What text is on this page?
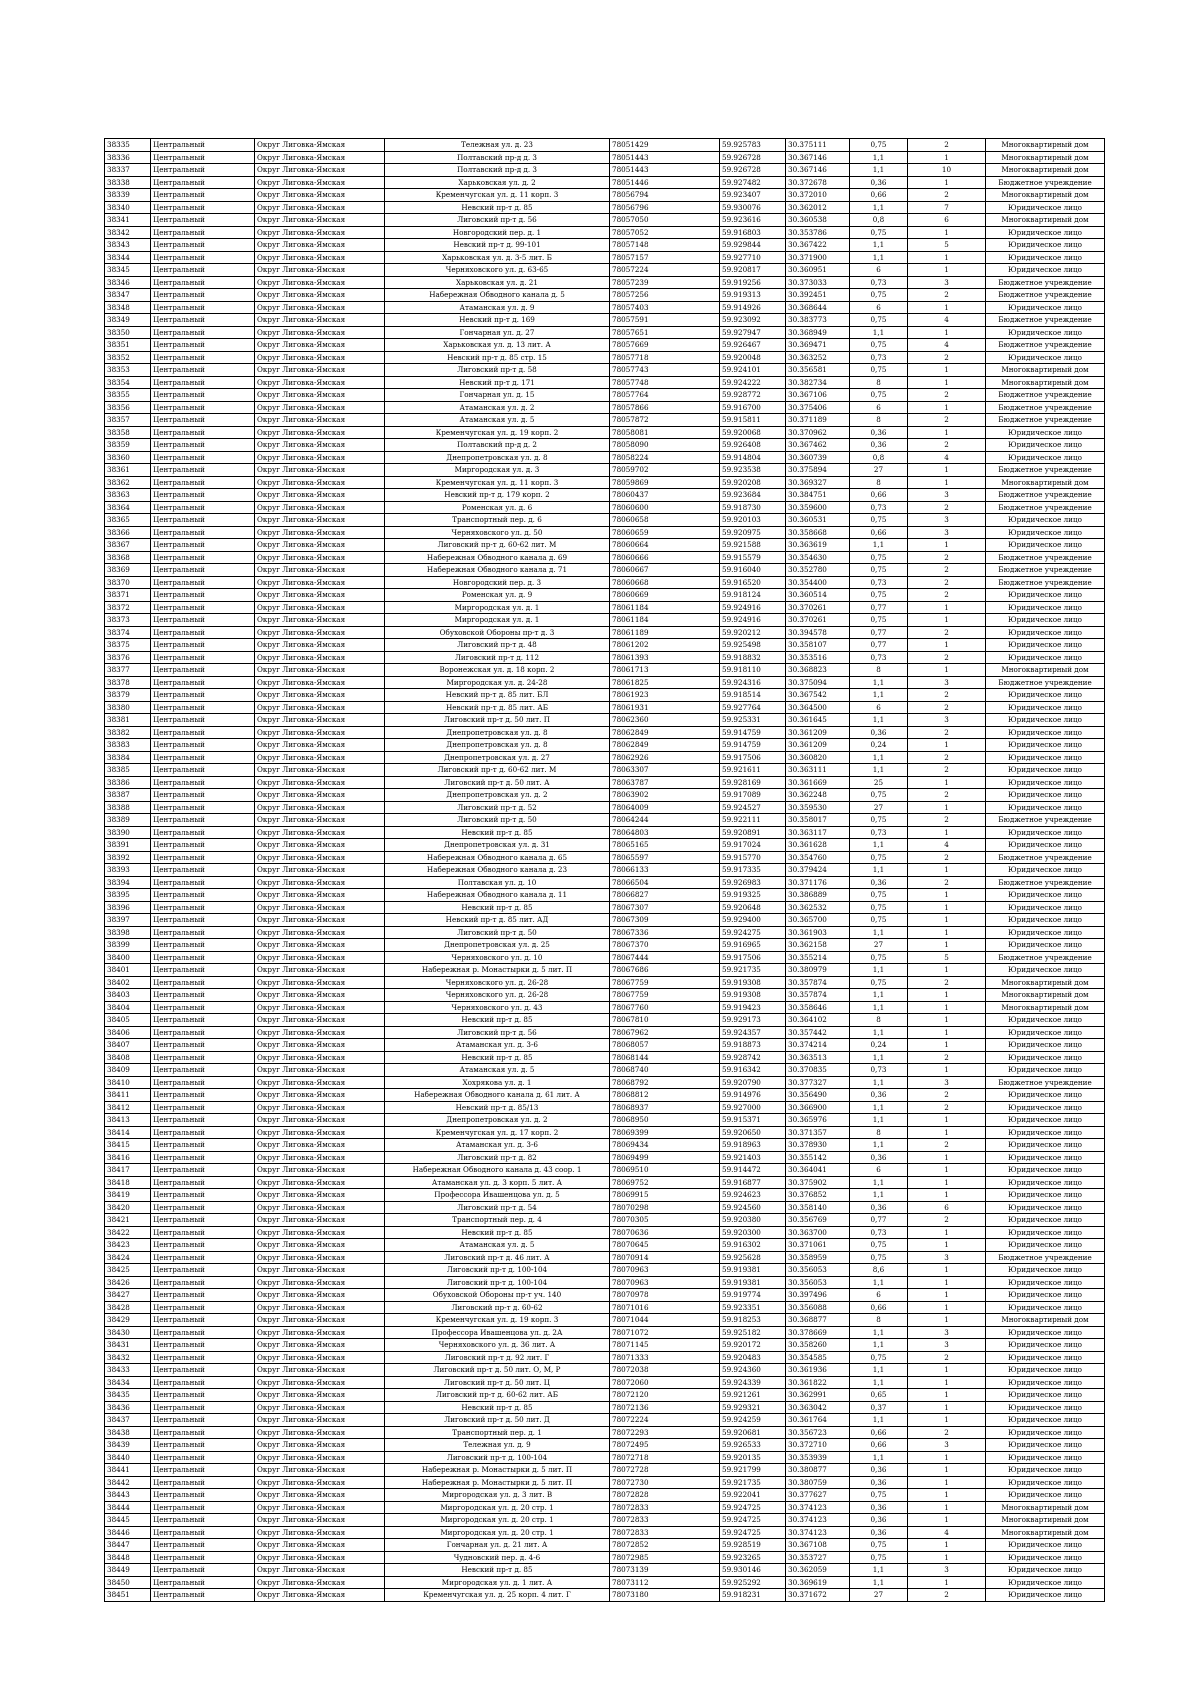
38335	Центральный	Округ Лиговка-Ямская	Тележная ул. д. 23	78051429	59.925783	30.375111	0,75	2	Многоквартирный дом
38336	Центральный	Округ Лиговка-Ямская	Полтавский пр-д д. 3	78051443	59.926728	30.367146	1,1	1	Многоквартирный дом
38337	Центральный	Округ Лиговка-Ямская	Полтавский пр-д д. 3	78051443	59.926728	30.367146	1,1	10	Многоквартирный дом
38338	Центральный	Округ Лиговка-Ямская	Харьковская ул. д. 2	78051446	59.927482	30.372678	0,36	1	Бюджетное учреждение
38339	Центральный	Округ Лиговка-Ямская	Кременчугская ул. д. 11 корп. 3	78056794	59.923407	30.372010	0,66	2	Многоквартирный дом
38340	Центральный	Округ Лиговка-Ямская	Невский пр-т д. 85	78056796	59.930076	30.362012	1,1	7	Юридическое лицо
38341	Центральный	Округ Лиговка-Ямская	Лиговский пр-т д. 56	78057050	59.923616	30.360538	0,8	6	Многоквартирный дом
38342	Центральный	Округ Лиговка-Ямская	Новгородский пер. д. 1	78057052	59.916803	30.353786	0,75	1	Юридическое лицо
38343	Центральный	Округ Лиговка-Ямская	Невский пр-т д. 99-101	78057148	59.929844	30.367422	1,1	5	Юридическое лицо
38344	Центральный	Округ Лиговка-Ямская	Харьковская ул. д. 3-5 лит. Б	78057157	59.927710	30.371900	1,1	1	Юридическое лицо
38345	Центральный	Округ Лиговка-Ямская	Черняховского ул. д. 63-65	78057224	59.920817	30.360951	6	1	Юридическое лицо
38346	Центральный	Округ Лиговка-Ямская	Харьковская ул. д. 21	78057239	59.919256	30.373033	0,73	3	Бюджетное учреждение
38347	Центральный	Округ Лиговка-Ямская	Набережная Обводного канала д. 5	78057256	59.919313	30.392451	0,75	2	Бюджетное учреждение
38348	Центральный	Округ Лиговка-Ямская	Атаманская ул. д. 9	78057403	59.914926	30.368644	6	1	Юридическое лицо
38349	Центральный	Округ Лиговка-Ямская	Невский пр-т д. 169	78057591	59.923092	30.383773	0,75	4	Бюджетное учреждение
38350	Центральный	Округ Лиговка-Ямская	Гончарная ул. д. 27	78057651	59.927947	30.368949	1,1	1	Юридическое лицо
38351	Центральный	Округ Лиговка-Ямская	Харьковская ул. д. 13 лит. А	78057669	59.926467	30.369471	0,75	4	Бюджетное учреждение
38352	Центральный	Округ Лиговка-Ямская	Невский пр-т д. 85 стр. 15	78057718	59.920048	30.363252	0,73	2	Юридическое лицо
38353	Центральный	Округ Лиговка-Ямская	Лиговский пр-т д. 58	78057743	59.924101	30.356581	0,75	1	Многоквартирный дом
38354	Центральный	Округ Лиговка-Ямская	Невский пр-т д. 171	78057748	59.924222	30.382734	8	1	Многоквартирный дом
38355	Центральный	Округ Лиговка-Ямская	Гончарная ул. д. 15	78057764	59.928772	30.367106	0,75	2	Бюджетное учреждение
38356	Центральный	Округ Лиговка-Ямская	Атаманская ул. д. 2	78057866	59.916700	30.375406	6	1	Бюджетное учреждение
38357	Центральный	Округ Лиговка-Ямская	Атаманская ул. д. 5	78057872	59.915811	30.371189	8	2	Бюджетное учреждение
38358	Центральный	Округ Лиговка-Ямская	Кременчугская ул. д. 19 корп. 2	78058081	59.920068	30.370962	0,36	1	Юридическое лицо
38359	Центральный	Округ Лиговка-Ямская	Полтавский пр-д д. 2	78058090	59.926408	30.367462	0,36	2	Юридическое лицо
38360	Центральный	Округ Лиговка-Ямская	Днепропетровская ул. д. 8	78058224	59.914804	30.360739	0,8	4	Юридическое лицо
38361	Центральный	Округ Лиговка-Ямская	Миргородская ул. д. 3	78059702	59.923538	30.375894	27	1	Бюджетное учреждение
38362	Центральный	Округ Лиговка-Ямская	Кременчугская ул. д. 11 корп. 3	78059869	59.920208	30.369327	8	1	Многоквартирный дом
38363	Центральный	Округ Лиговка-Ямская	Невский пр-т д. 179 корп. 2	78060437	59.923684	30.384751	0,66	3	Бюджетное учреждение
38364	Центральный	Округ Лиговка-Ямская	Роменская ул. д. 6	78060600	59.918730	30.359600	0,73	2	Бюджетное учреждение
38365	Центральный	Округ Лиговка-Ямская	Транспортный пер. д. 6	78060658	59.920103	30.360531	0,75	3	Юридическое лицо
38366	Центральный	Округ Лиговка-Ямская	Черняховского ул. д. 50	78060659	59.920975	30.358668	0,66	3	Юридическое лицо
38367	Центральный	Округ Лиговка-Ямская	Лиговский пр-т д. 60-62 лит. М	78060664	59.921588	30.363619	1,1	1	Юридическое лицо
38368	Центральный	Округ Лиговка-Ямская	Набережная Обводного канала д. 69	78060666	59.915579	30.354630	0,75	2	Бюджетное учреждение
38369	Центральный	Округ Лиговка-Ямская	Набережная Обводного канала д. 71	78060667	59.916040	30.352780	0,75	2	Бюджетное учреждение
38370	Центральный	Округ Лиговка-Ямская	Новгородский пер. д. 3	78060668	59.916520	30.354400	0,73	2	Бюджетное учреждение
38371	Центральный	Округ Лиговка-Ямская	Роменская ул. д. 9	78060669	59.918124	30.360514	0,75	2	Юридическое лицо
38372	Центральный	Округ Лиговка-Ямская	Миргородская ул. д. 1	78061184	59.924916	30.370261	0,77	1	Юридическое лицо
38373	Центральный	Округ Лиговка-Ямская	Миргородская ул. д. 1	78061184	59.924916	30.370261	0,75	1	Юридическое лицо
38374	Центральный	Округ Лиговка-Ямская	Обуховской Обороны пр-т д. 3	78061189	59.920212	30.394578	0,77	2	Юридическое лицо
38375	Центральный	Округ Лиговка-Ямская	Лиговский пр-т д. 48	78061202	59.925498	30.358107	0,77	1	Юридическое лицо
38376	Центральный	Округ Лиговка-Ямская	Лиговский пр-т д. 112	78061393	59.918832	30.353516	0,73	2	Юридическое лицо
38377	Центральный	Округ Лиговка-Ямская	Воронежская ул. д. 18 корп. 2	78061713	59.918110	30.368823	8	1	Многоквартирный дом
38378	Центральный	Округ Лиговка-Ямская	Миргородская ул. д. 24-28	78061825	59.924316	30.375094	1,1	3	Бюджетное учреждение
38379	Центральный	Округ Лиговка-Ямская	Невский пр-т д. 85 лит. БЛ	78061923	59.918514	30.367542	1,1	2	Юридическое лицо
38380	Центральный	Округ Лиговка-Ямская	Невский пр-т д. 85 лит. АБ	78061931	59.927764	30.364500	6	2	Юридическое лицо
38381	Центральный	Округ Лиговка-Ямская	Лиговский пр-т д. 50 лит. П	78062360	59.925331	30.361645	1,1	3	Юридическое лицо
38382	Центральный	Округ Лиговка-Ямская	Днепропетровская ул. д. 8	78062849	59.914759	30.361209	0,36	2	Юридическое лицо
38383	Центральный	Округ Лиговка-Ямская	Днепропетровская ул. д. 8	78062849	59.914759	30.361209	0,24	1	Юридическое лицо
38384	Центральный	Округ Лиговка-Ямская	Днепропетровская ул. д. 27	78062926	59.917506	30.360820	1,1	2	Юридическое лицо
38385	Центральный	Округ Лиговка-Ямская	Лиговский пр-т д. 60-62 лит. М	78063307	59.921611	30.363111	1,1	2	Юридическое лицо
38386	Центральный	Округ Лиговка-Ямская	Лиговский пр-т д. 50 лит. А	78063787	59.928169	30.361669	25	1	Юридическое лицо
38387	Центральный	Округ Лиговка-Ямская	Днепропетровская ул. д. 2	78063902	59.917089	30.362248	0,75	2	Юридическое лицо
38388	Центральный	Округ Лиговка-Ямская	Лиговский пр-т д. 52	78064009	59.924527	30.359530	27	1	Юридическое лицо
38389	Центральный	Округ Лиговка-Ямская	Лиговский пр-т д. 50	78064244	59.922111	30.358017	0,75	2	Бюджетное учреждение
38390	Центральный	Округ Лиговка-Ямская	Невский пр-т д. 85	78064803	59.920891	30.363117	0,73	1	Юридическое лицо
38391	Центральный	Округ Лиговка-Ямская	Днепропетровская ул. д. 31	78065165	59.917024	30.361628	1,1	4	Юридическое лицо
38392	Центральный	Округ Лиговка-Ямская	Набережная Обводного канала д. 65	78065597	59.915770	30.354760	0,75	2	Бюджетное учреждение
38393	Центральный	Округ Лиговка-Ямская	Набережная Обводного канала д. 23	78066133	59.917335	30.379424	1,1	1	Юридическое лицо
38394	Центральный	Округ Лиговка-Ямская	Полтавская ул. д. 10	78066504	59.926983	30.371176	0,36	2	Бюджетное учреждение
38395	Центральный	Округ Лиговка-Ямская	Набережная Обводного канала д. 11	78066827	59.919325	30.386889	0,75	1	Юридическое лицо
38396	Центральный	Округ Лиговка-Ямская	Невский пр-т д. 85	78067307	59.920648	30.362532	0,75	1	Юридическое лицо
38397	Центральный	Округ Лиговка-Ямская	Невский пр-т д. 85 лит. АД	78067309	59.929400	30.365700	0,75	1	Юридическое лицо
38398	Центральный	Округ Лиговка-Ямская	Лиговский пр-т д. 50	78067336	59.924275	30.361903	1,1	1	Юридическое лицо
38399	Центральный	Округ Лиговка-Ямская	Днепропетровская ул. д. 25	78067370	59.916965	30.362158	27	1	Юридическое лицо
38400	Центральный	Округ Лиговка-Ямская	Черняховского ул. д. 10	78067444	59.917506	30.355214	0,75	5	Бюджетное учреждение
38401	Центральный	Округ Лиговка-Ямская	Набережная р. Монастырки д. 5 лит. П	78067686	59.921735	30.380979	1,1	1	Юридическое лицо
38402	Центральный	Округ Лиговка-Ямская	Черняховского ул. д. 26-28	78067759	59.919308	30.357874	0,75	2	Многоквартирный дом
38403	Центральный	Округ Лиговка-Ямская	Черняховского ул. д. 26-28	78067759	59.919308	30.357874	1,1	1	Многоквартирный дом
38404	Центральный	Округ Лиговка-Ямская	Черняховского ул. д. 43	78067760	59.919423	30.358646	1,1	1	Многоквартирный дом
38405	Центральный	Округ Лиговка-Ямская	Невский пр-т д. 85	78067810	59.929173	30.364102	8	1	Юридическое лицо
38406	Центральный	Округ Лиговка-Ямская	Лиговский пр-т д. 56	78067962	59.924357	30.357442	1,1	1	Юридическое лицо
38407	Центральный	Округ Лиговка-Ямская	Атаманская ул. д. 3-6	78068057	59.918873	30.374214	0,24	1	Юридическое лицо
38408	Центральный	Округ Лиговка-Ямская	Невский пр-т д. 85	78068144	59.928742	30.363513	1,1	2	Юридическое лицо
38409	Центральный	Округ Лиговка-Ямская	Атаманская ул. д. 5	78068740	59.916342	30.370835	0,73	1	Юридическое лицо
38410	Центральный	Округ Лиговка-Ямская	Хохрякова ул. д. 1	78068792	59.920790	30.377327	1,1	3	Бюджетное учреждение
38411	Центральный	Округ Лиговка-Ямская	Набережная Обводного канала д. 61 лит. А	78068812	59.914976	30.356490	0,36	2	Юридическое лицо
38412	Центральный	Округ Лиговка-Ямская	Невский пр-т д. 85/13	78068937	59.927000	30.366900	1,1	2	Юридическое лицо
38413	Центральный	Округ Лиговка-Ямская	Днепропетровская ул. д. 2	78068950	59.915371	30.365976	1,1	1	Юридическое лицо
38414	Центральный	Округ Лиговка-Ямская	Кременчугская ул. д. 17 корп. 2	78069399	59.920650	30.371357	8	1	Юридическое лицо
38415	Центральный	Округ Лиговка-Ямская	Атаманская ул. д. 3-6	78069434	59.918963	30.378930	1,1	2	Юридическое лицо
38416	Центральный	Округ Лиговка-Ямская	Лиговский пр-т д. 82	78069499	59.921403	30.355142	0,36	1	Юридическое лицо
38417	Центральный	Округ Лиговка-Ямская	Набережная Обводного канала д. 43 соор. 1	78069510	59.914472	30.364041	6	1	Юридическое лицо
38418	Центральный	Округ Лиговка-Ямская	Атаманская ул. д. 3 корп. 5 лит. А	78069752	59.916877	30.375902	1,1	1	Юридическое лицо
38419	Центральный	Округ Лиговка-Ямская	Профессора Ивашенцова ул. д. 5	78069915	59.924623	30.376852	1,1	1	Юридическое лицо
38420	Центральный	Округ Лиговка-Ямская	Лиговский пр-т д. 54	78070298	59.924560	30.358140	0,36	6	Юридическое лицо
38421	Центральный	Округ Лиговка-Ямская	Транспортный пер. д. 4	78070305	59.920380	30.356769	0,77	2	Юридическое лицо
38422	Центральный	Округ Лиговка-Ямская	Невский пр-т д. 85	78070636	59.920300	30.363700	0,73	1	Юридическое лицо
38423	Центральный	Округ Лиговка-Ямская	Атаманская ул. д. 5	78070645	59.916302	30.371061	0,75	1	Юридическое лицо
38424	Центральный	Округ Лиговка-Ямская	Лиговский пр-т д. 46 лит. А	78070914	59.925628	30.358959	0,75	3	Бюджетное учреждение
38425	Центральный	Округ Лиговка-Ямская	Лиговский пр-т д. 100-104	78070963	59.919381	30.356053	8,6	1	Юридическое лицо
38426	Центральный	Округ Лиговка-Ямская	Лиговский пр-т д. 100-104	78070963	59.919381	30.356053	1,1	1	Юридическое лицо
38427	Центральный	Округ Лиговка-Ямская	Обуховской Обороны пр-т уч. 140	78070978	59.919774	30.397496	6	1	Юридическое лицо
38428	Центральный	Округ Лиговка-Ямская	Лиговский пр-т д. 60-62	78071016	59.923351	30.356088	0,66	1	Юридическое лицо
38429	Центральный	Округ Лиговка-Ямская	Кременчугская ул. д. 19 корп. 3	78071044	59.918253	30.368877	8	1	Многоквартирный дом
38430	Центральный	Округ Лиговка-Ямская	Профессора Ивашенцова ул. д. 2А	78071072	59.925182	30.378669	1,1	3	Юридическое лицо
38431	Центральный	Округ Лиговка-Ямская	Черняховского ул. д. 36 лит. А	78071145	59.920172	30.358260	1,1	3	Юридическое лицо
38432	Центральный	Округ Лиговка-Ямская	Лиговский пр-т д. 92 лит. Г	78071333	59.920483	30.354585	0,75	2	Юридическое лицо
38433	Центральный	Округ Лиговка-Ямская	Лиговский пр-т д. 50 лит. О, М, Р	78072038	59.924360	30.361936	1,1	1	Юридическое лицо
38434	Центральный	Округ Лиговка-Ямская	Лиговский пр-т д. 50 лит. Ц	78072060	59.924339	30.361822	1,1	1	Юридическое лицо
38435	Центральный	Округ Лиговка-Ямская	Лиговский пр-т д. 60-62 лит. АБ	78072120	59.921261	30.362991	0,65	1	Юридическое лицо
38436	Центральный	Округ Лиговка-Ямская	Невский пр-т д. 85	78072136	59.929321	30.363042	0,37	1	Юридическое лицо
38437	Центральный	Округ Лиговка-Ямская	Лиговский пр-т д. 50 лит. Д	78072224	59.924259	30.361764	1,1	1	Юридическое лицо
38438	Центральный	Округ Лиговка-Ямская	Транспортный пер. д. 1	78072293	59.920681	30.356723	0,66	2	Юридическое лицо
38439	Центральный	Округ Лиговка-Ямская	Тележная ул. д. 9	78072495	59.926533	30.372710	0,66	3	Юридическое лицо
38440	Центральный	Округ Лиговка-Ямская	Лиговский пр-т д. 100-104	78072718	59.920135	30.353939	1,1	1	Юридическое лицо
38441	Центральный	Округ Лиговка-Ямская	Набережная р. Монастырки д. 5 лит. П	78072728	59.921799	30.380877	0,36	1	Юридическое лицо
38442	Центральный	Округ Лиговка-Ямская	Набережная р. Монастырки д. 5 лит. П	78072730	59.921735	30.380759	0,36	1	Юридическое лицо
38443	Центральный	Округ Лиговка-Ямская	Миргородская ул. д. 3 лит. В	78072828	59.922041	30.377627	0,75	1	Юридическое лицо
38444	Центральный	Округ Лиговка-Ямская	Миргородская ул. д. 20 стр. 1	78072833	59.924725	30.374123	0,36	1	Многоквартирный дом
38445	Центральный	Округ Лиговка-Ямская	Миргородская ул. д. 20 стр. 1	78072833	59.924725	30.374123	0,36	1	Многоквартирный дом
38446	Центральный	Округ Лиговка-Ямская	Миргородская ул. д. 20 стр. 1	78072833	59.924725	30.374123	0,36	4	Многоквартирный дом
38447	Центральный	Округ Лиговка-Ямская	Гончарная ул. д. 21 лит. А	78072852	59.928519	30.367108	0,75	1	Юридическое лицо
38448	Центральный	Округ Лиговка-Ямская	Чудновский пер. д. 4-6	78072985	59.923265	30.353727	0,75	1	Юридическое лицо
38449	Центральный	Округ Лиговка-Ямская	Невский пр-т д. 85	78073139	59.930146	30.362059	1,1	3	Юридическое лицо
38450	Центральный	Округ Лиговка-Ямская	Миргородская ул. д. 1 лит. А	78073112	59.925292	30.369619	1,1	1	Юридическое лицо
38451	Центральный	Округ Лиговка-Ямская	Кременчугская ул. д. 25 корп. 4 лит. Г	78073180	59.918231	30.371672	27	2	Юридическое лицо
